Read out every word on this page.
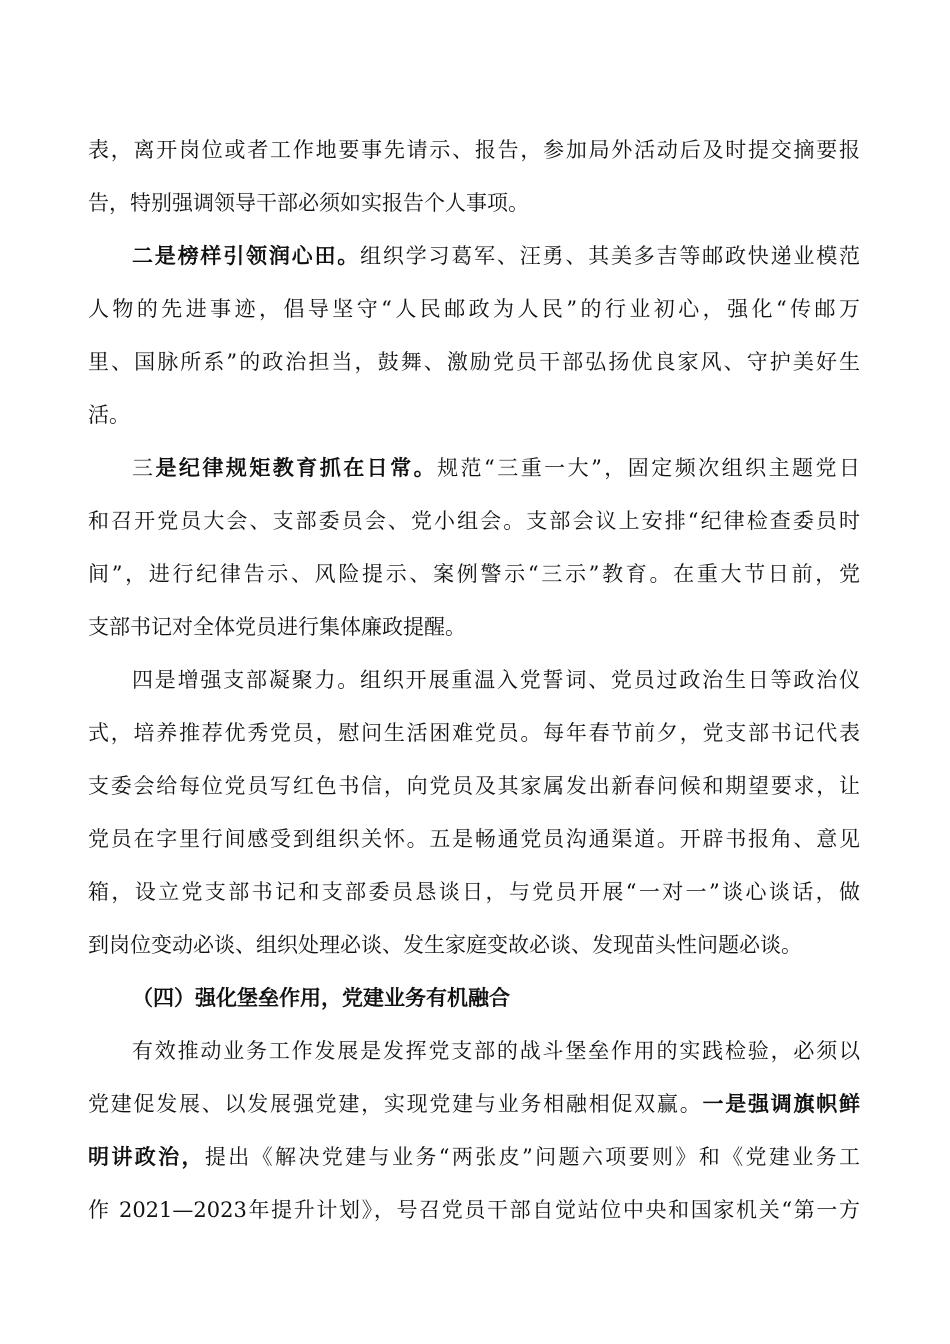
表，离开岗位或者工作地要事先请示、报告，参加局外活动后及时提交摘要报
告，特别强调领导干部必须如实报告个人事项。
二是榜样引领润心田。组织学习葛军、汪勇、其美多吉等邮政快递业模范
人物的先进事迹，倡导坚守“人民邮政为人民”的行业初心，强化“传邮万
里、国脉所系”的政治担当，鼓舞、激励党员干部弘扬优良家风、守护美好生
活。
三是纪律规矩教育抓在日常。规范“三重一大”，固定频次组织主题党日
和召开党员大会、支部委员会、党小组会。支部会议上安排“纪律检查委员时
间”，进行纪律告示、风险提示、案例警示“三示”教育。在重大节日前，党
支部书记对全体党员进行集体廉政提醒。
四是增强支部凝聚力。组织开展重温入党誓词、党员过政治生日等政治仪
式，培养推荐优秀党员，慰问生活困难党员。每年春节前夕，党支部书记代表
支委会给每位党员写红色书信，向党员及其家属发出新春问候和期望要求，让
党员在字里行间感受到组织关怀。五是畅通党员沟通渠道。开辟书报角、意见
箱，设立党支部书记和支部委员恳谈日，与党员开展“一对一”谈心谈话，做
到岗位变动必谈、组织处理必谈、发生家庭变故必谈、发现苗头性问题必谈。
（四）强化堡垒作用，党建业务有机融合
有效推动业务工作发展是发挥党支部的战斗堡垒作用的实践检验，必须以
党建促发展、以发展强党建，实现党建与业务相融相促双赢。一是强调旗帜鲜
明讲政治，提出《解决党建与业务“两张皮”问题六项要则》和《党建业务工
作 2021—2023年提升计划》，号召党员干部自觉站位中央和国家机关“第一方
